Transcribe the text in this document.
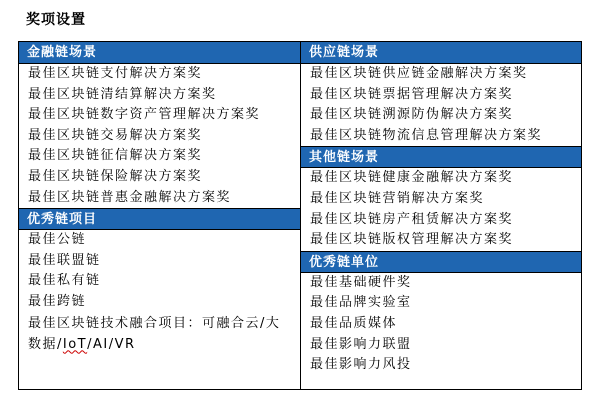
奖项设置
金融链场景
最佳区块链支付解决方案奖
最佳区块链清结算解决方案奖
最佳区块链数字资产管理解决方案奖
最佳区块链交易解决方案奖
最佳区块链征信解决方案奖
最佳区块链保险解决方案奖
最佳区块链普惠金融解决方案奖
优秀链项目
最佳公链
最佳联盟链
最佳私有链
最佳跨链
最佳区块链技术融合项目：可融合云/大数据/IoT/AI/VR
供应链场景
最佳区块链供应链金融解决方案奖
最佳区块链票据管理解决方案奖
最佳区块链溯源防伪解决方案奖
最佳区块链物流信息管理解决方案奖
其他链场景
最佳区块链健康金融解决方案奖
最佳区块链营销解决方案奖
最佳区块链房产租赁解决方案奖
最佳区块链版权管理解决方案奖
优秀链单位
最佳基础硬件奖
最佳品牌实验室
最佳品质媒体
最佳影响力联盟
最佳影响力风投
